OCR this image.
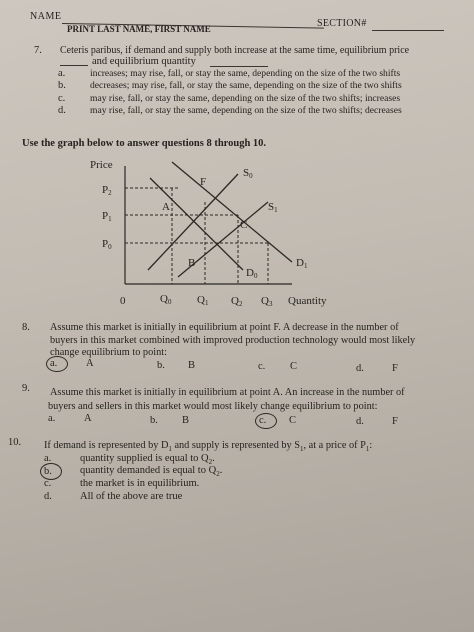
NAME
PRINT LAST NAME, FIRST NAME	SECTION#
7. Ceteris paribus, if demand and supply both increase at the same time, equilibrium price
and equilibrium quantity
a.	increases; may rise, fall, or stay the same, depending on the size of the two shifts
b.	decreases; may rise, fall, or stay the same, depending on the size of the two shifts
c.	may rise, fall, or stay the same, depending on the size of the two shifts; increases
d.	may rise, fall, or stay the same, depending on the size of the two shifts; decreases
Use the graph below to answer questions 8 through 10.
Price
Quantity
0
P2
P1
P0
Q0 Q1 Q2 Q3
S0
S1
D1
D0
A
B
C
F
8. Assume this market is initially in equilibrium at point F. A decrease in the number of
buyers in this market combined with improved production technology would most likely
change equilibrium to point:
a.	A	b. B	c. C	d.	F
9. Assume this market is initially in equilibrium at point A. An increase in the number of
buyers and sellers in this market would most likely change equilibrium to point:
a.	A	b. B	c. C	d.	F
10. If demand is represented by $D_1$ and supply is represented by $S_1$, at a price of $P_1$:
a.	quantity supplied is equal to $Q_2$.
b.	quantity demanded is equal to $Q_2$.
c.	the market is in equilibrium.
d.	All of the above are true
